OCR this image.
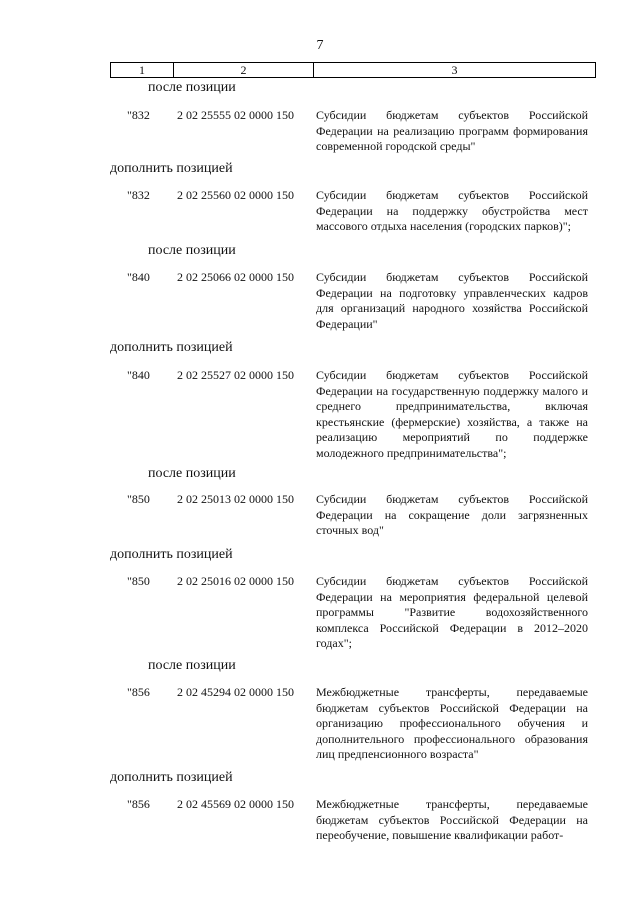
7
1	2	3
после позиции
"832 2 02 25555 02 0000 150 Субсидии бюджетам субъектов Российской Федерации на реализацию программ формирования современной городской среды"
дополнить позицией
"832 2 02 25560 02 0000 150 Субсидии бюджетам субъектов Российской Федерации на поддержку обустройства мест массового отдыха населения (городских парков)";
после позиции
"840 2 02 25066 02 0000 150 Субсидии бюджетам субъектов Российской Федерации на подготовку управленческих кадров для организаций народного хозяйства Российской Федерации"
дополнить позицией
"840 2 02 25527 02 0000 150 Субсидии бюджетам субъектов Российской Федерации на государственную поддержку малого и среднего предпринимательства, включая крестьянские (фермерские) хозяйства, а также на реализацию мероприятий по поддержке молодежного предпринимательства";
после позиции
"850 2 02 25013 02 0000 150 Субсидии бюджетам субъектов Российской Федерации на сокращение доли загрязненных сточных вод"
дополнить позицией
"850 2 02 25016 02 0000 150 Субсидии бюджетам субъектов Российской Федерации на мероприятия федеральной целевой программы "Развитие водохозяйственного комплекса Российской Федерации в 2012–2020 годах";
после позиции
"856 2 02 45294 02 0000 150 Межбюджетные трансферты, передаваемые бюджетам субъектов Российской Федерации на организацию профессионального обучения и дополнительного профессионального образования лиц предпенсионного возраста"
дополнить позицией
"856 2 02 45569 02 0000 150 Межбюджетные трансферты, передаваемые бюджетам субъектов Российской Федерации на переобучение, повышение квалификации работ-
